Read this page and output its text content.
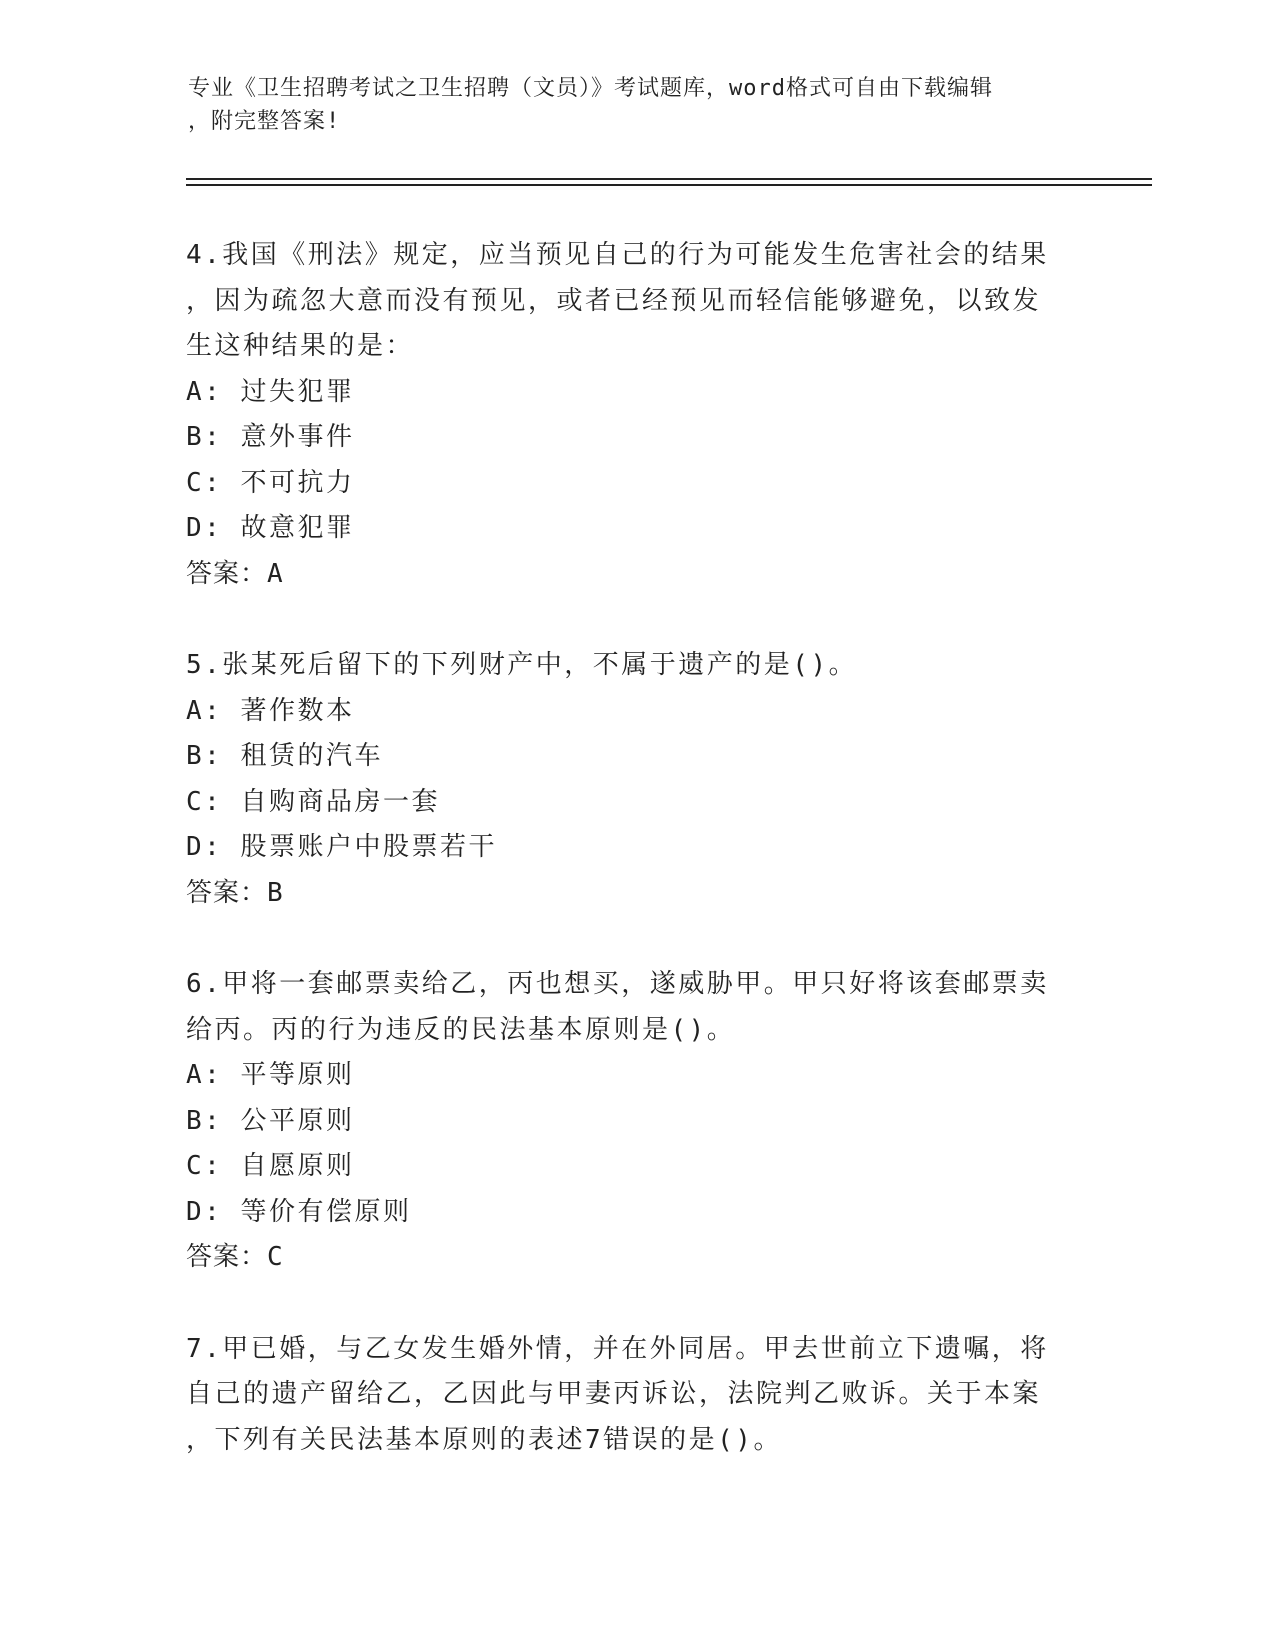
专业《卫生招聘考试之卫生招聘（文员）》考试题库，word格式可自由下载编辑
，附完整答案!
4.我国《刑法》规定，应当预见自己的行为可能发生危害社会的结果
，因为疏忽大意而没有预见，或者已经预见而轻信能够避免，以致发
生这种结果的是：
A: 过失犯罪
B: 意外事件
C: 不可抗力
D: 故意犯罪
答案：A
5.张某死后留下的下列财产中，不属于遗产的是()。
A: 著作数本
B: 租赁的汽车
C: 自购商品房一套
D: 股票账户中股票若干
答案：B
6.甲将一套邮票卖给乙，丙也想买，遂威胁甲。甲只好将该套邮票卖
给丙。丙的行为违反的民法基本原则是()。
A: 平等原则
B: 公平原则
C: 自愿原则
D: 等价有偿原则
答案：C
7.甲已婚，与乙女发生婚外情，并在外同居。甲去世前立下遗嘱，将
自己的遗产留给乙，乙因此与甲妻丙诉讼，法院判乙败诉。关于本案
，下列有关民法基本原则的表述7错误的是()。
